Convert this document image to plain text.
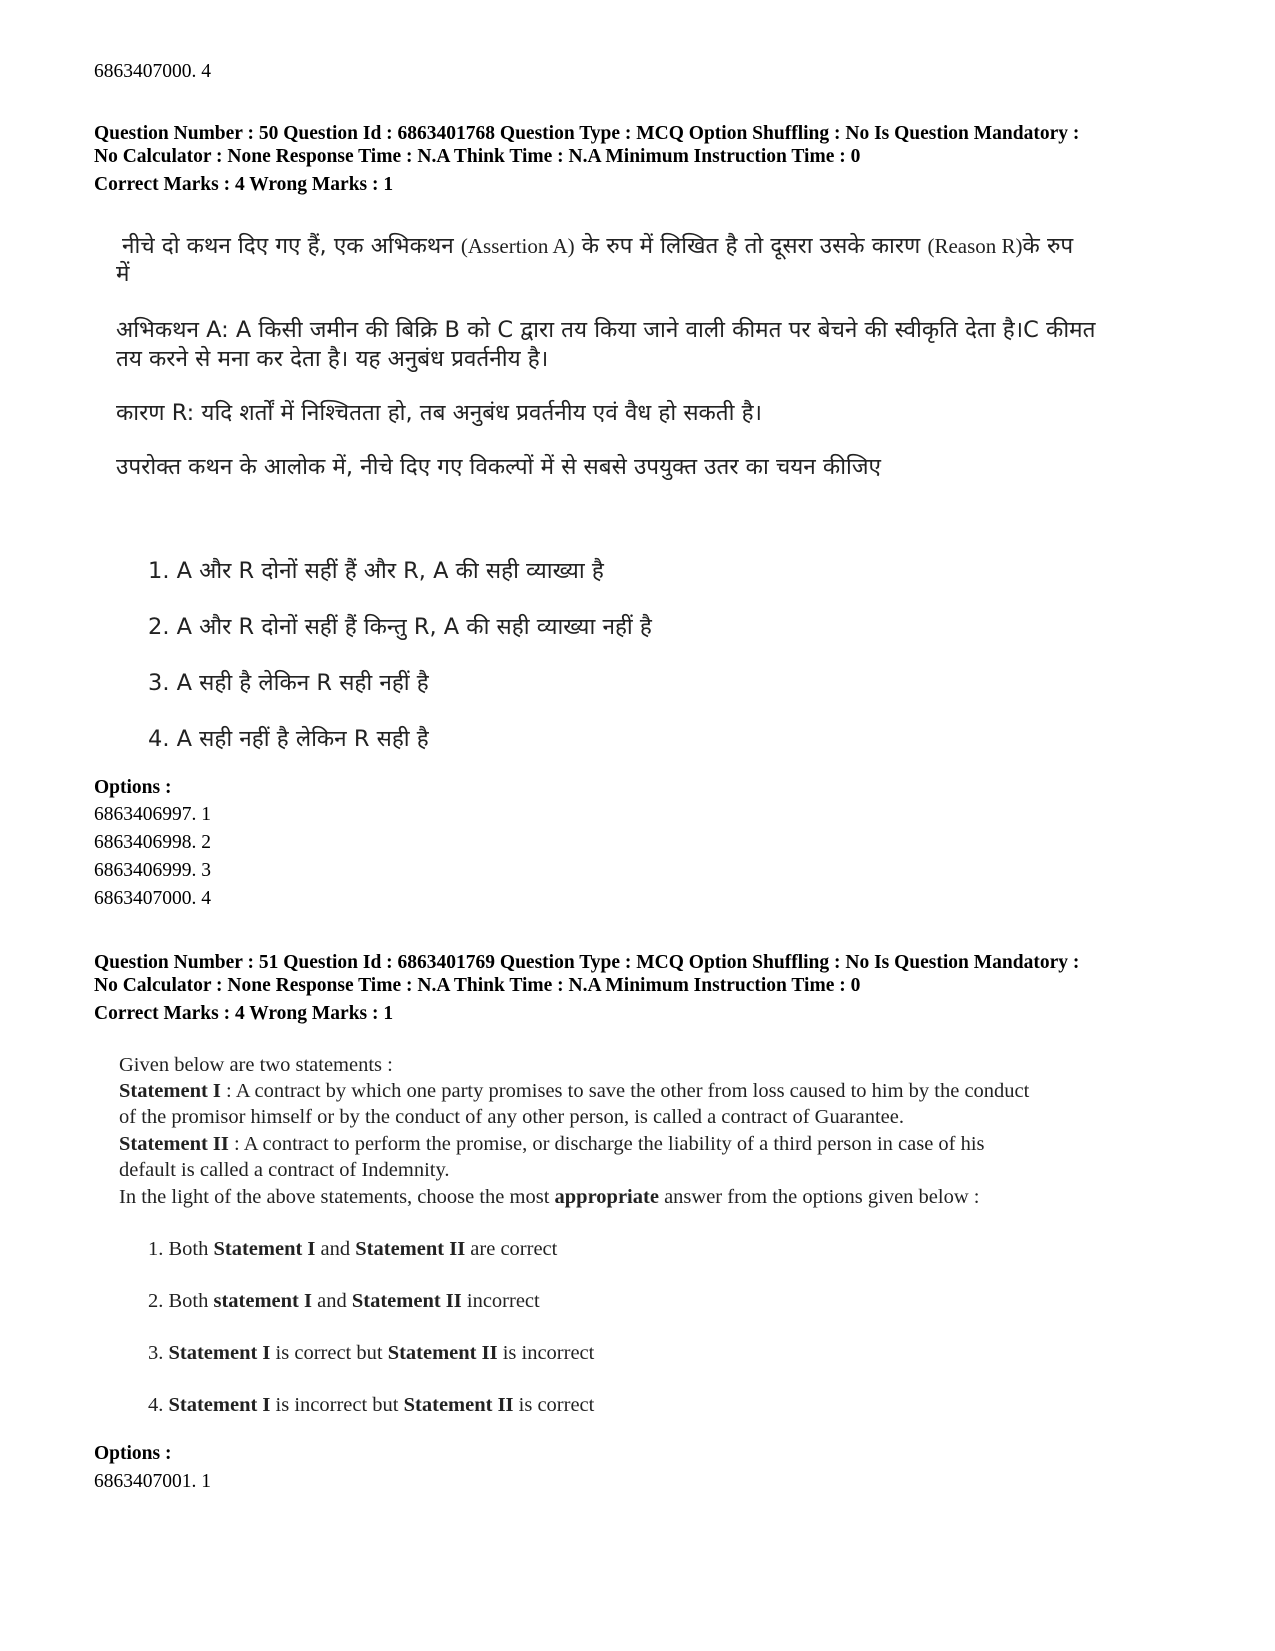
6863407000. 4
Question Number : 50 Question Id : 6863401768 Question Type : MCQ Option Shuffling : No Is Question Mandatory :
No Calculator : None Response Time : N.A Think Time : N.A Minimum Instruction Time : 0
Correct Marks : 4 Wrong Marks : 1
नीचे दो कथन दिए गए हैं, एक अभिकथन (Assertion A) के रुप में लिखित है तो दूसरा उसके कारण (Reason R)के रुप
में
अभिकथन A: A किसी जमीन की बिक्रि B को C द्वारा तय किया जाने वाली कीमत पर बेचने की स्वीकृति देता है।C कीमत
तय करने से मना कर देता है। यह अनुबंध प्रवर्तनीय है।
कारण R: यदि शर्तों में निश्चितता हो, तब अनुबंध प्रवर्तनीय एवं वैध हो सकती है।
उपरोक्त कथन के आलोक में, नीचे दिए गए विकल्पों में से सबसे उपयुक्त उतर का चयन कीजिए
1. A और R दोनों सहीं हैं और R, A की सही व्याख्या है
2. A और R दोनों सहीं हैं किन्तु R, A की सही व्याख्या नहीं है
3. A सही है लेकिन R सही नहीं है
4. A सही नहीं है लेकिन R सही है
Options :
6863406997. 1
6863406998. 2
6863406999. 3
6863407000. 4
Question Number : 51 Question Id : 6863401769 Question Type : MCQ Option Shuffling : No Is Question Mandatory :
No Calculator : None Response Time : N.A Think Time : N.A Minimum Instruction Time : 0
Correct Marks : 4 Wrong Marks : 1
Given below are two statements :
Statement I : A contract by which one party promises to save the other from loss caused to him by the conduct
of the promisor himself or by the conduct of any other person, is called a contract of Guarantee.
Statement II : A contract to perform the promise, or discharge the liability of a third person in case of his
default is called a contract of Indemnity.
In the light of the above statements, choose the most appropriate answer from the options given below :
1. Both Statement I and Statement II are correct
2. Both statement I and Statement II incorrect
3. Statement I is correct but Statement II is incorrect
4. Statement I is incorrect but Statement II is correct
Options :
6863407001. 1
